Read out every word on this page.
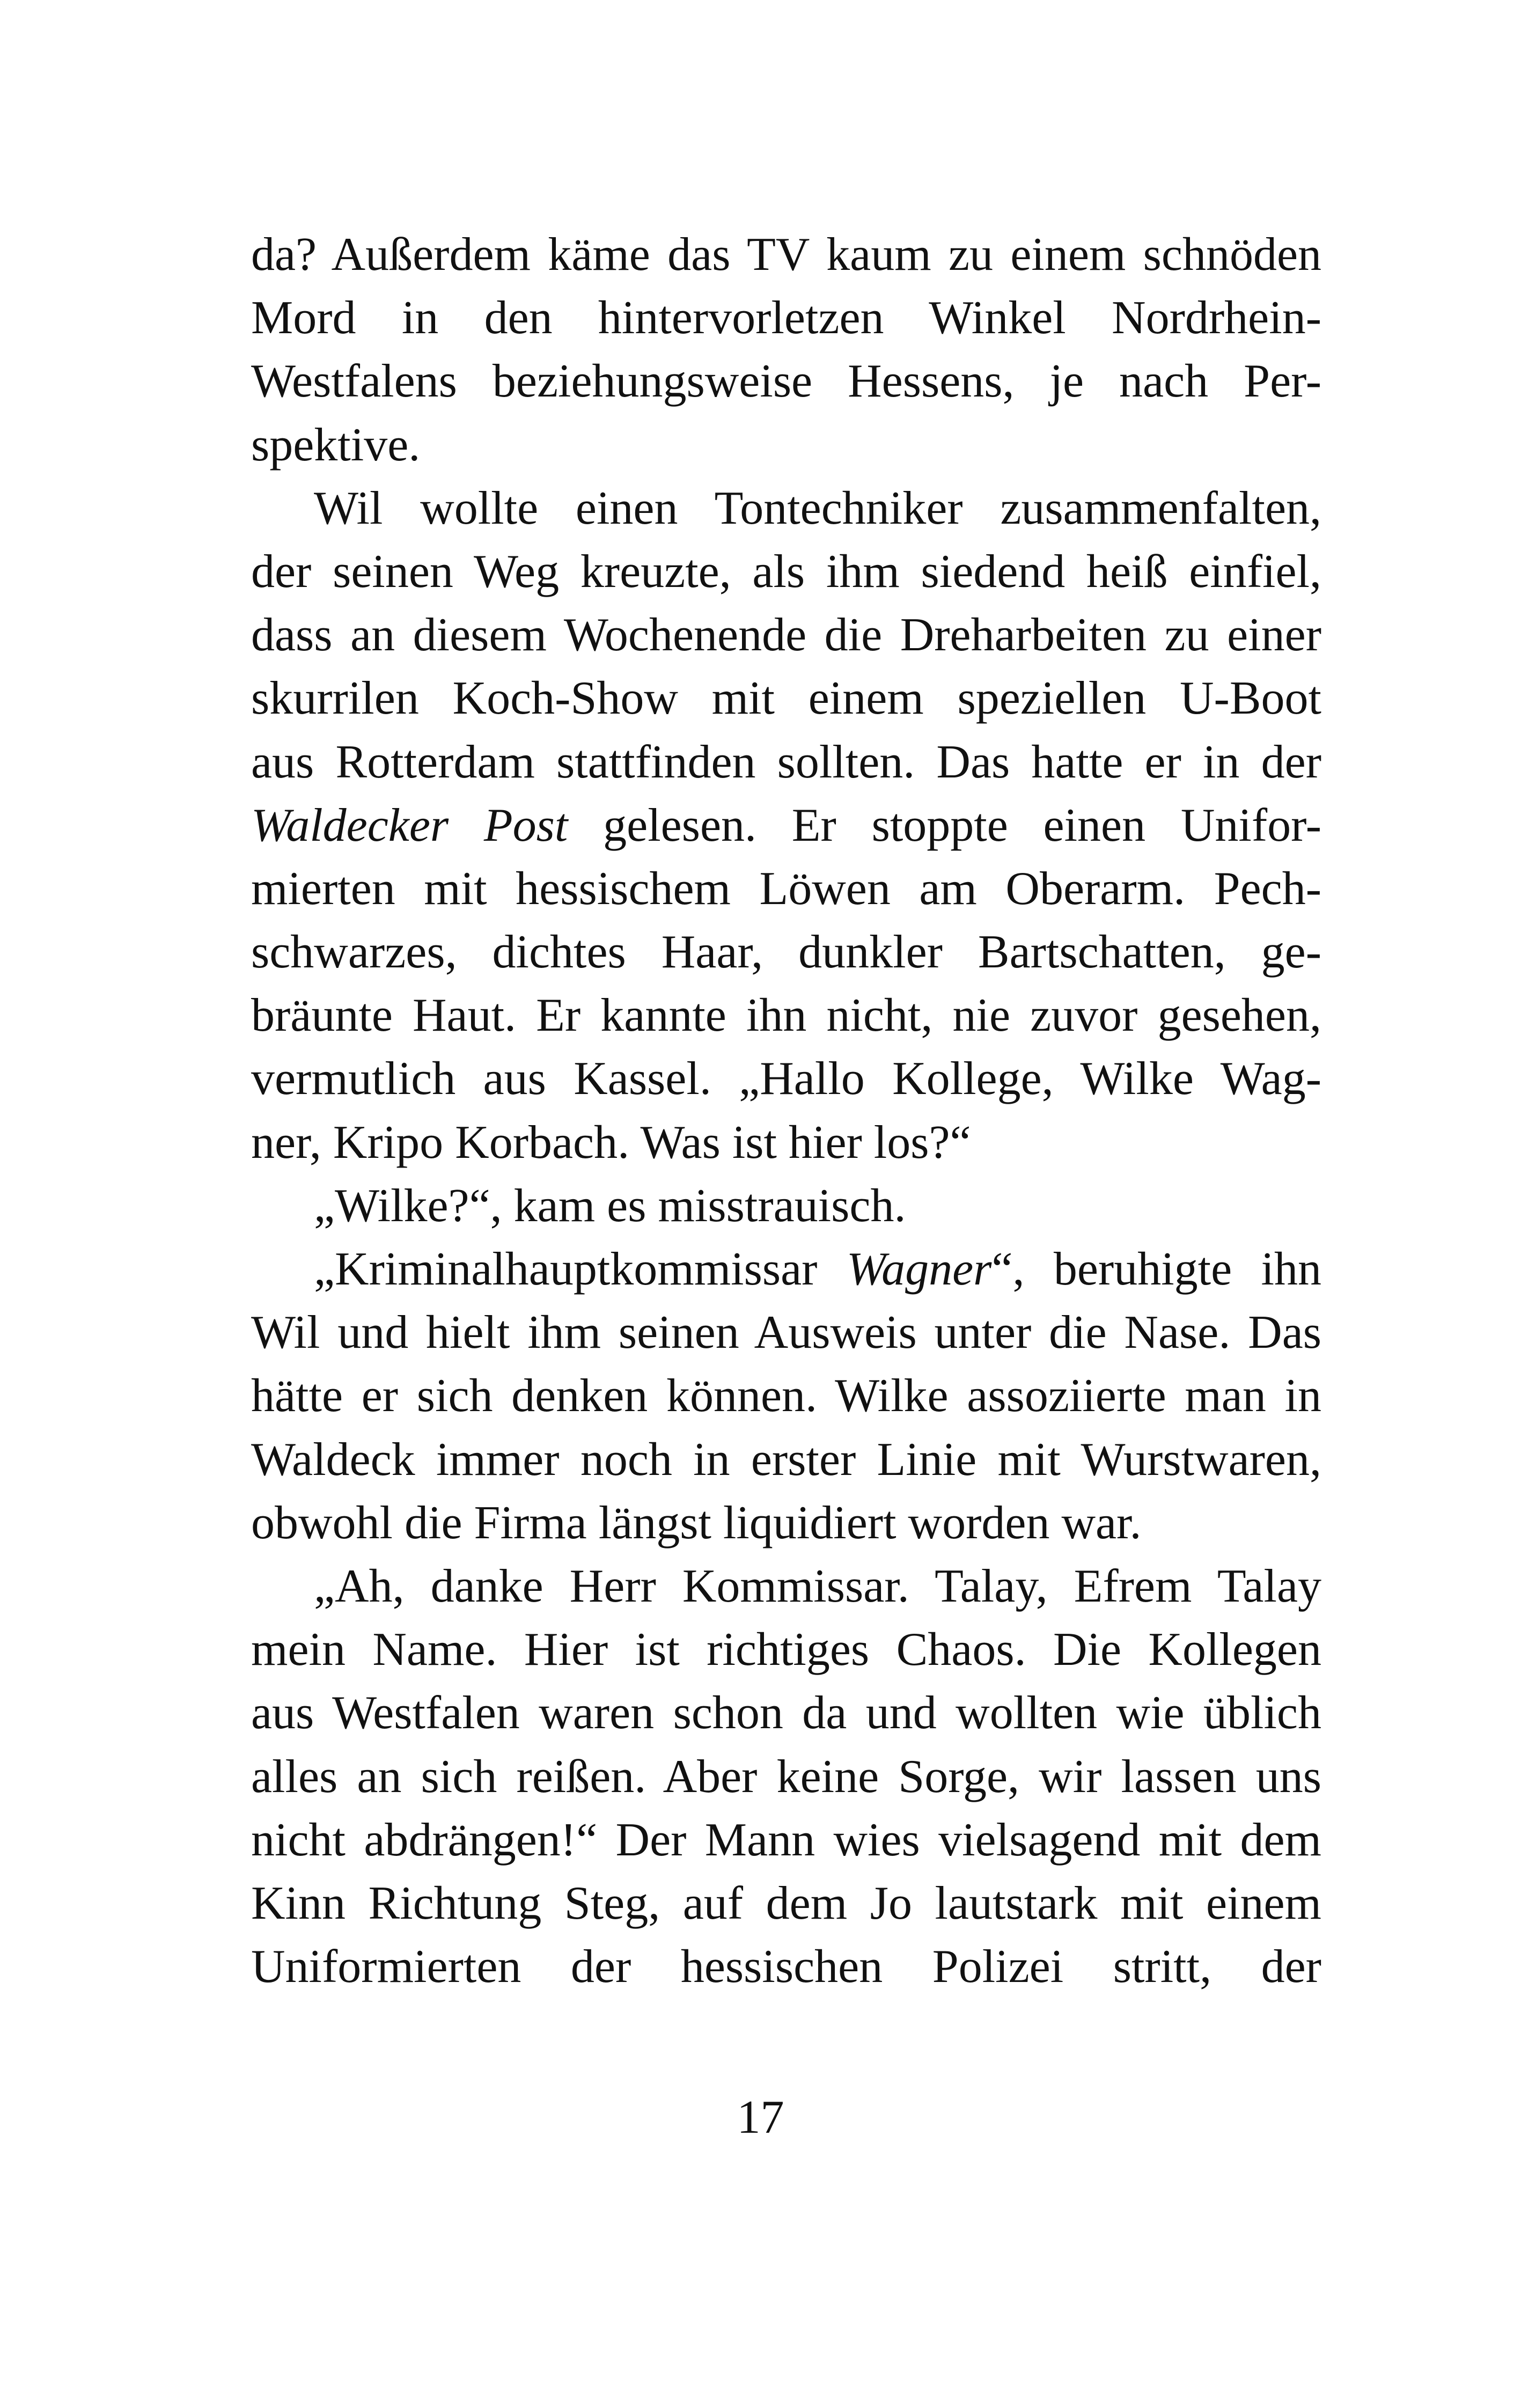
da? Außerdem käme das TV kaum zu einem schnöden
Mord in den hintervorletzen Winkel Nordrhein-
Westfalens beziehungsweise Hessens, je nach Per-
spektive.
Wil wollte einen Tontechniker zusammenfalten,
der seinen Weg kreuzte, als ihm siedend heiß einfiel,
dass an diesem Wochenende die Dreharbeiten zu einer
skurrilen Koch-Show mit einem speziellen U-Boot
aus Rotterdam stattfinden sollten. Das hatte er in der
Waldecker Post gelesen. Er stoppte einen Unifor-
mierten mit hessischem Löwen am Oberarm. Pech-
schwarzes, dichtes Haar, dunkler Bartschatten, ge-
bräunte Haut. Er kannte ihn nicht, nie zuvor gesehen,
vermutlich aus Kassel. „Hallo Kollege, Wilke Wag-
ner, Kripo Korbach. Was ist hier los?“
„Wilke?“, kam es misstrauisch.
„Kriminalhauptkommissar Wagner“, beruhigte ihn
Wil und hielt ihm seinen Ausweis unter die Nase. Das
hätte er sich denken können. Wilke assoziierte man in
Waldeck immer noch in erster Linie mit Wurstwaren,
obwohl die Firma längst liquidiert worden war.
„Ah, danke Herr Kommissar. Talay, Efrem Talay
mein Name. Hier ist richtiges Chaos. Die Kollegen
aus Westfalen waren schon da und wollten wie üblich
alles an sich reißen. Aber keine Sorge, wir lassen uns
nicht abdrängen!“ Der Mann wies vielsagend mit dem
Kinn Richtung Steg, auf dem Jo lautstark mit einem
Uniformierten der hessischen Polizei stritt, der
17
